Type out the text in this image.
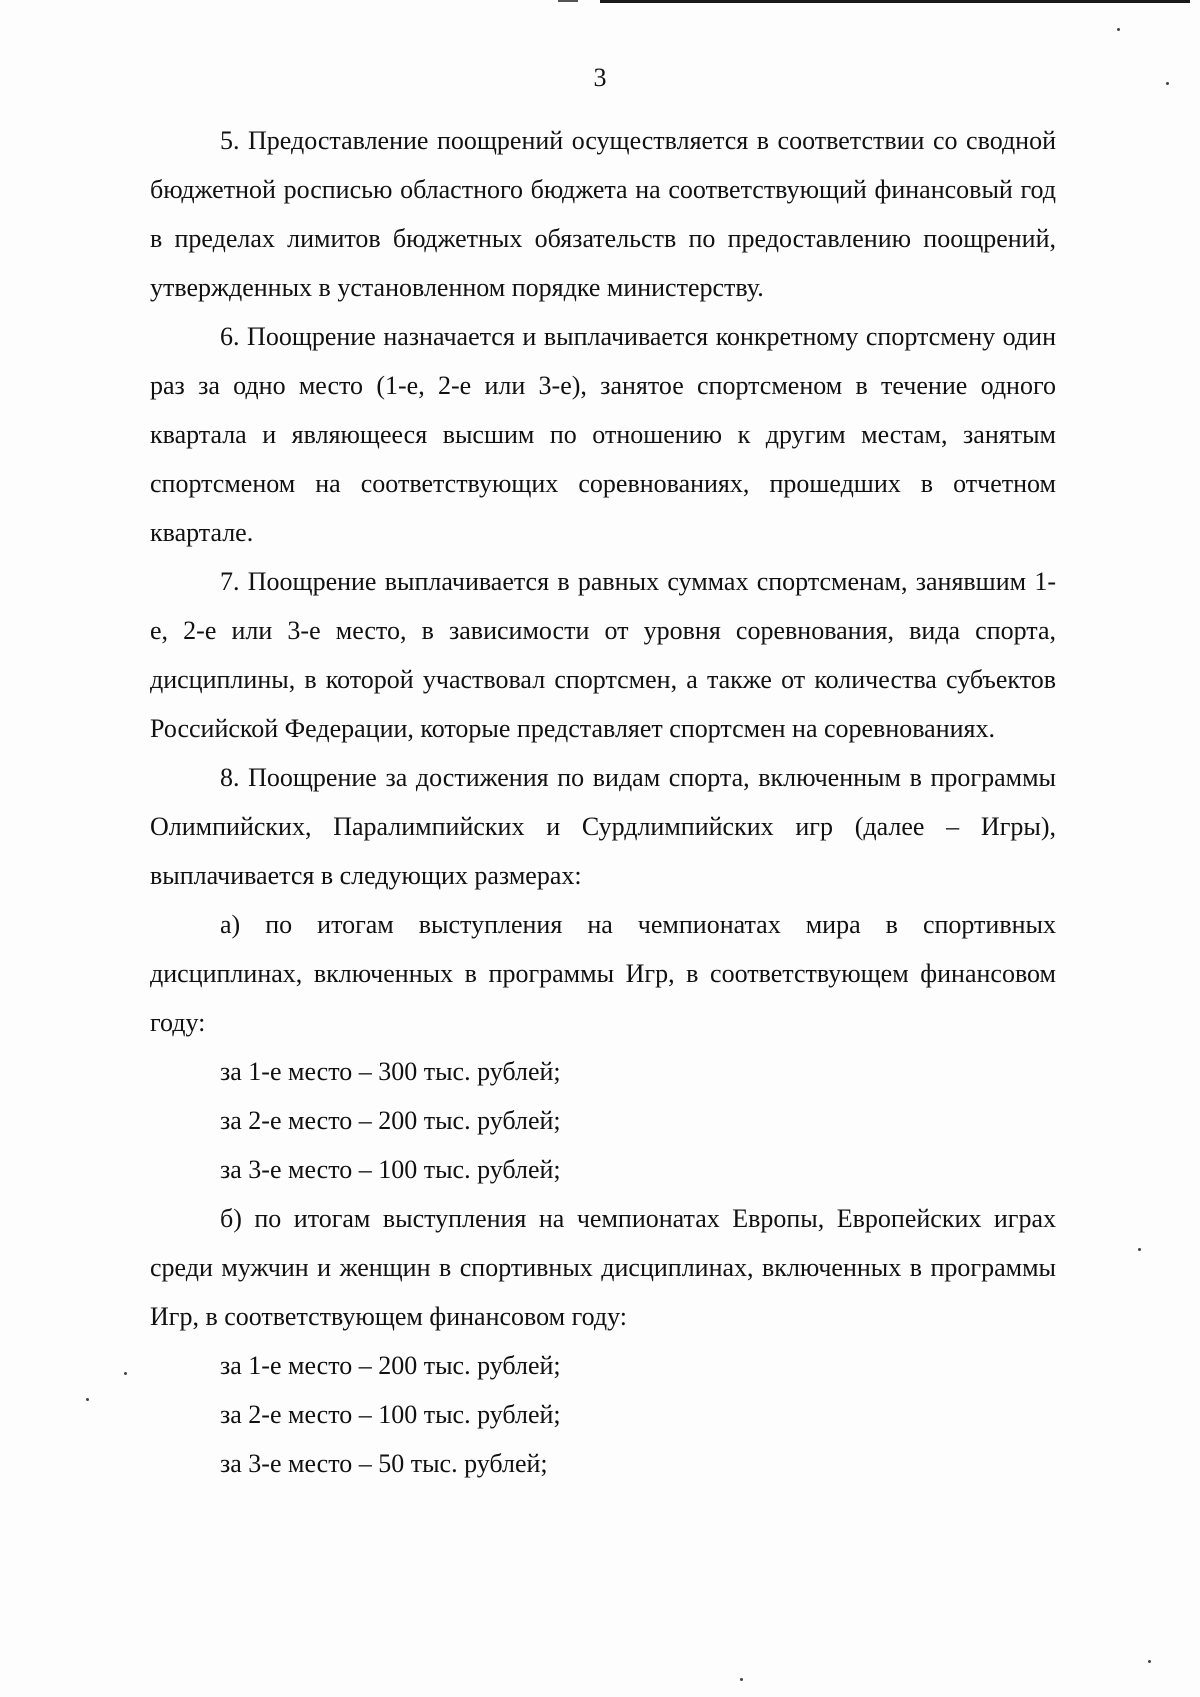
3

5. Предоставление поощрений осуществляется в соответствии со сводной бюджетной росписью областного бюджета на соответствующий финансовый год в пределах лимитов бюджетных обязательств по предоставлению поощрений, утвержденных в установленном порядке министерству.

6. Поощрение назначается и выплачивается конкретному спортсмену один раз за одно место (1-е, 2-е или 3-е), занятое спортсменом в течение одного квартала и являющееся высшим по отношению к другим местам, занятым спортсменом на соответствующих соревнованиях, прошедших в отчетном квартале.

7. Поощрение выплачивается в равных суммах спортсменам, занявшим 1-е, 2-е или 3-е место, в зависимости от уровня соревнования, вида спорта, дисциплины, в которой участвовал спортсмен, а также от количества субъектов Российской Федерации, которые представляет спортсмен на соревнованиях.

8. Поощрение за достижения по видам спорта, включенным в программы Олимпийских, Паралимпийских и Сурдлимпийских игр (далее – Игры), выплачивается в следующих размерах:

а) по итогам выступления на чемпионатах мира в спортивных дисциплинах, включенных в программы Игр, в соответствующем финансовом году:

за 1-е место – 300 тыс. рублей;

за 2-е место – 200 тыс. рублей;

за 3-е место – 100 тыс. рублей;

б) по итогам выступления на чемпионатах Европы, Европейских играх среди мужчин и женщин в спортивных дисциплинах, включенных в программы Игр, в соответствующем финансовом году:

за 1-е место – 200 тыс. рублей;

за 2-е место – 100 тыс. рублей;

за 3-е место – 50 тыс. рублей;
